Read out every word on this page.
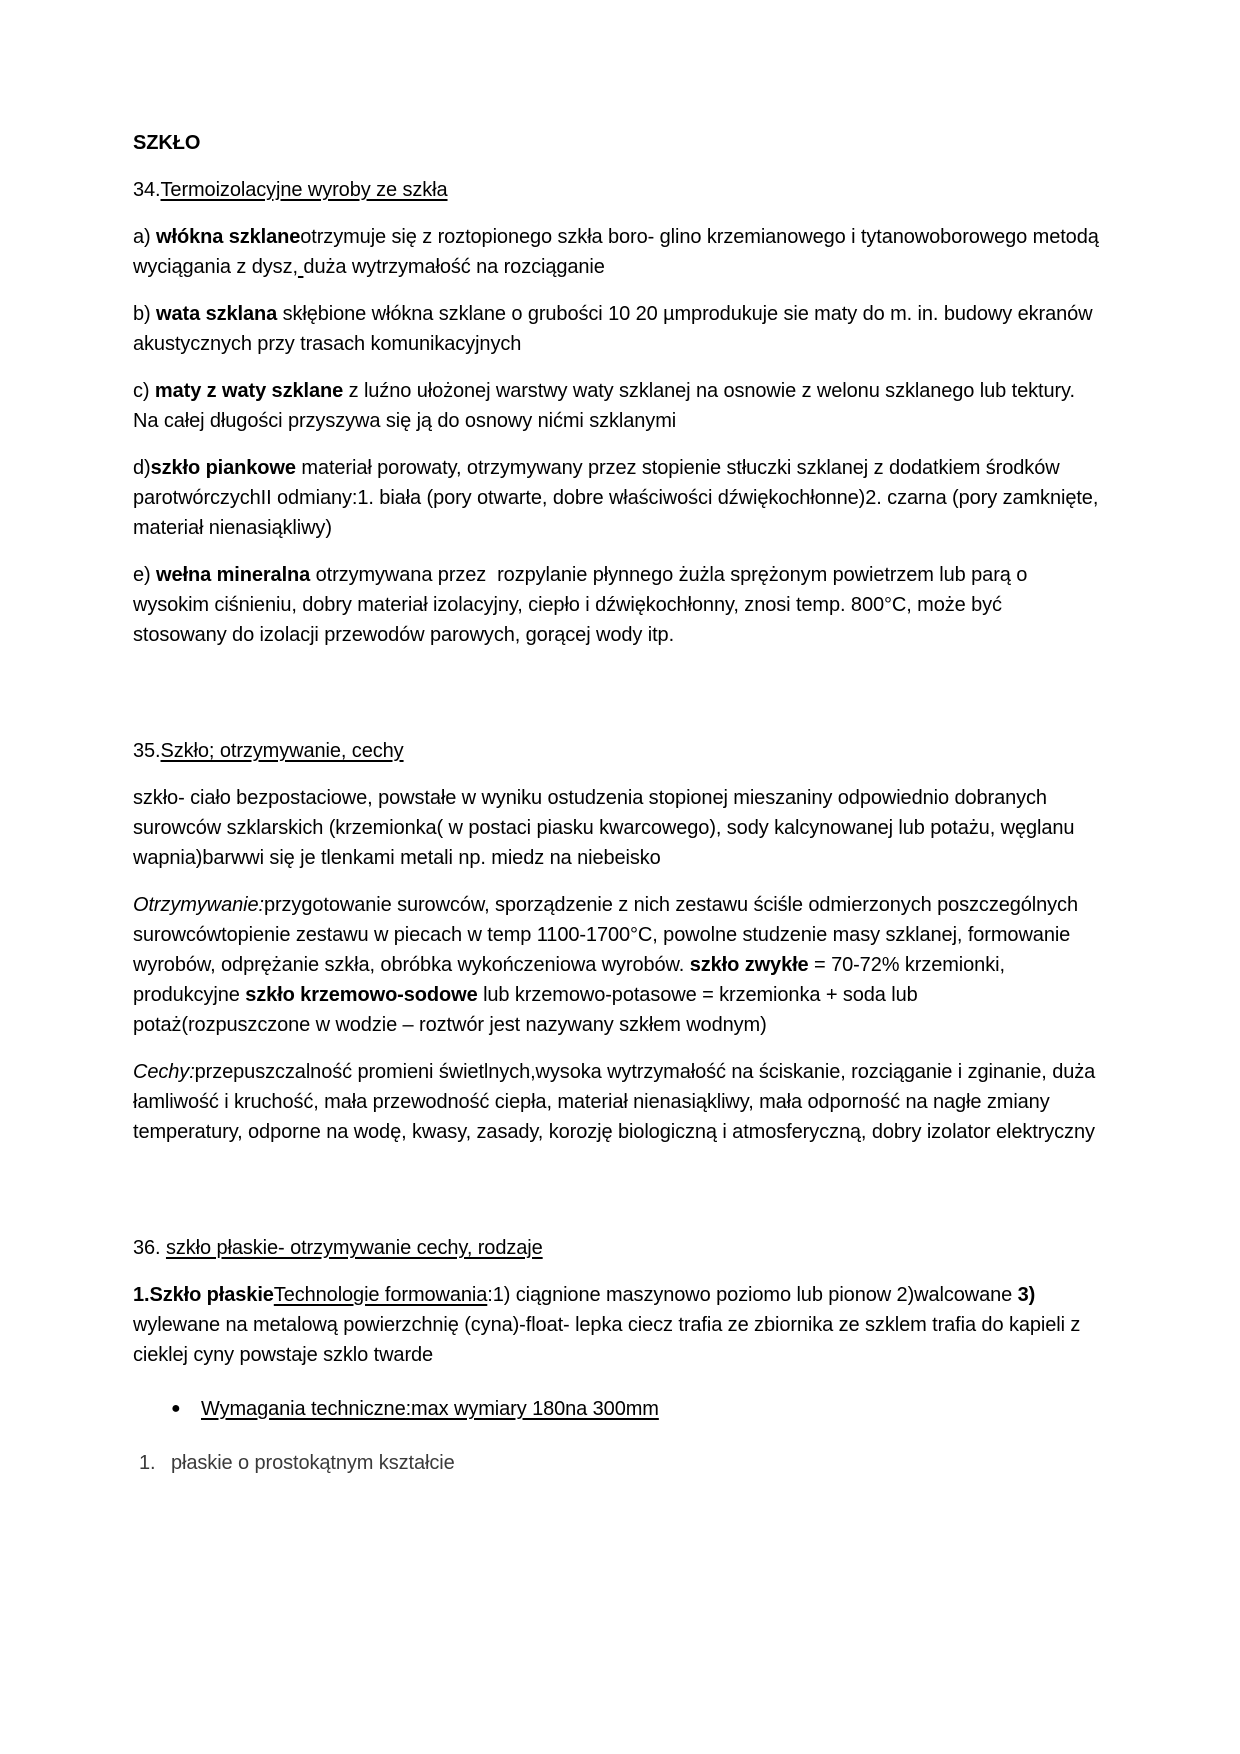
SZKŁO

34.Termoizolacyjne wyroby ze szkła

a) włókna szklaneotrzymuje się z roztopionego szkła boro- glino krzemianowego i tytanowoborowego metodą wyciągania z dysz, duża wytrzymałość na rozciąganie

b) wata szklana skłębione włókna szklane o grubości 10 20 µmprodukuje sie maty do m. in. budowy ekranów akustycznych przy trasach komunikacyjnych

c) maty z waty szklane z luźno ułożonej warstwy waty szklanej na osnowie z welonu szklanego lub tektury. Na całej długości przyszywa się ją do osnowy nićmi szklanymi

d)szkło piankowe materiał porowaty, otrzymywany przez stopienie stłuczki szklanej z dodatkiem środków parotwórczychII odmiany:1. biała (pory otwarte, dobre właściwości dźwiękochłonne)2. czarna (pory zamknięte, materiał nienasiąkliwy)

e) wełna mineralna otrzymywana przez  rozpylanie płynnego żużla sprężonym powietrzem lub parą o wysokim ciśnieniu, dobry materiał izolacyjny, ciepło i dźwiękochłonny, znosi temp. 800°C, może być stosowany do izolacji przewodów parowych, gorącej wody itp.

35.Szkło; otrzymywanie, cechy

szkło- ciało bezpostaciowe, powstałe w wyniku ostudzenia stopionej mieszaniny odpowiednio dobranych surowców szklarskich (krzemionka( w postaci piasku kwarcowego), sody kalcynowanej lub potażu, węglanu wapnia)barwwi się je tlenkami metali np. miedz na niebeisko

Otrzymywanie:przygotowanie surowców, sporządzenie z nich zestawu ściśle odmierzonych poszczególnych surowcówtopienie zestawu w piecach w temp 1100-1700°C, powolne studzenie masy szklanej, formowanie wyrobów, odprężanie szkła, obróbka wykończeniowa wyrobów. szkło zwykłe = 70-72% krzemionki, produkcyjne szkło krzemowo-sodowe lub krzemowo-potasowe = krzemionka + soda lub potaż(rozpuszczone w wodzie – roztwór jest nazywany szkłem wodnym)

Cechy:przepuszczalność promieni świetlnych,wysoka wytrzymałość na ściskanie, rozciąganie i zginanie, duża łamliwość i kruchość, mała przewodność ciepła, materiał nienasiąkliwy, mała odporność na nagłe zmiany temperatury, odporne na wodę, kwasy, zasady, korozję biologiczną i atmosferyczną, dobry izolator elektryczny

36. szkło płaskie- otrzymywanie cechy, rodzaje

1.Szkło płaskieTechnologie formowania:1) ciągnione maszynowo poziomo lub pionow 2)walcowane 3) wylewane na metalową powierzchnię (cyna)-float- lepka ciecz trafia ze zbiornika ze szklem trafia do kapieli z cieklej cyny powstaje szklo twarde

●	Wymagania techniczne:max wymiary 180na 300mm

1. płaskie o prostokątnym kształcie
